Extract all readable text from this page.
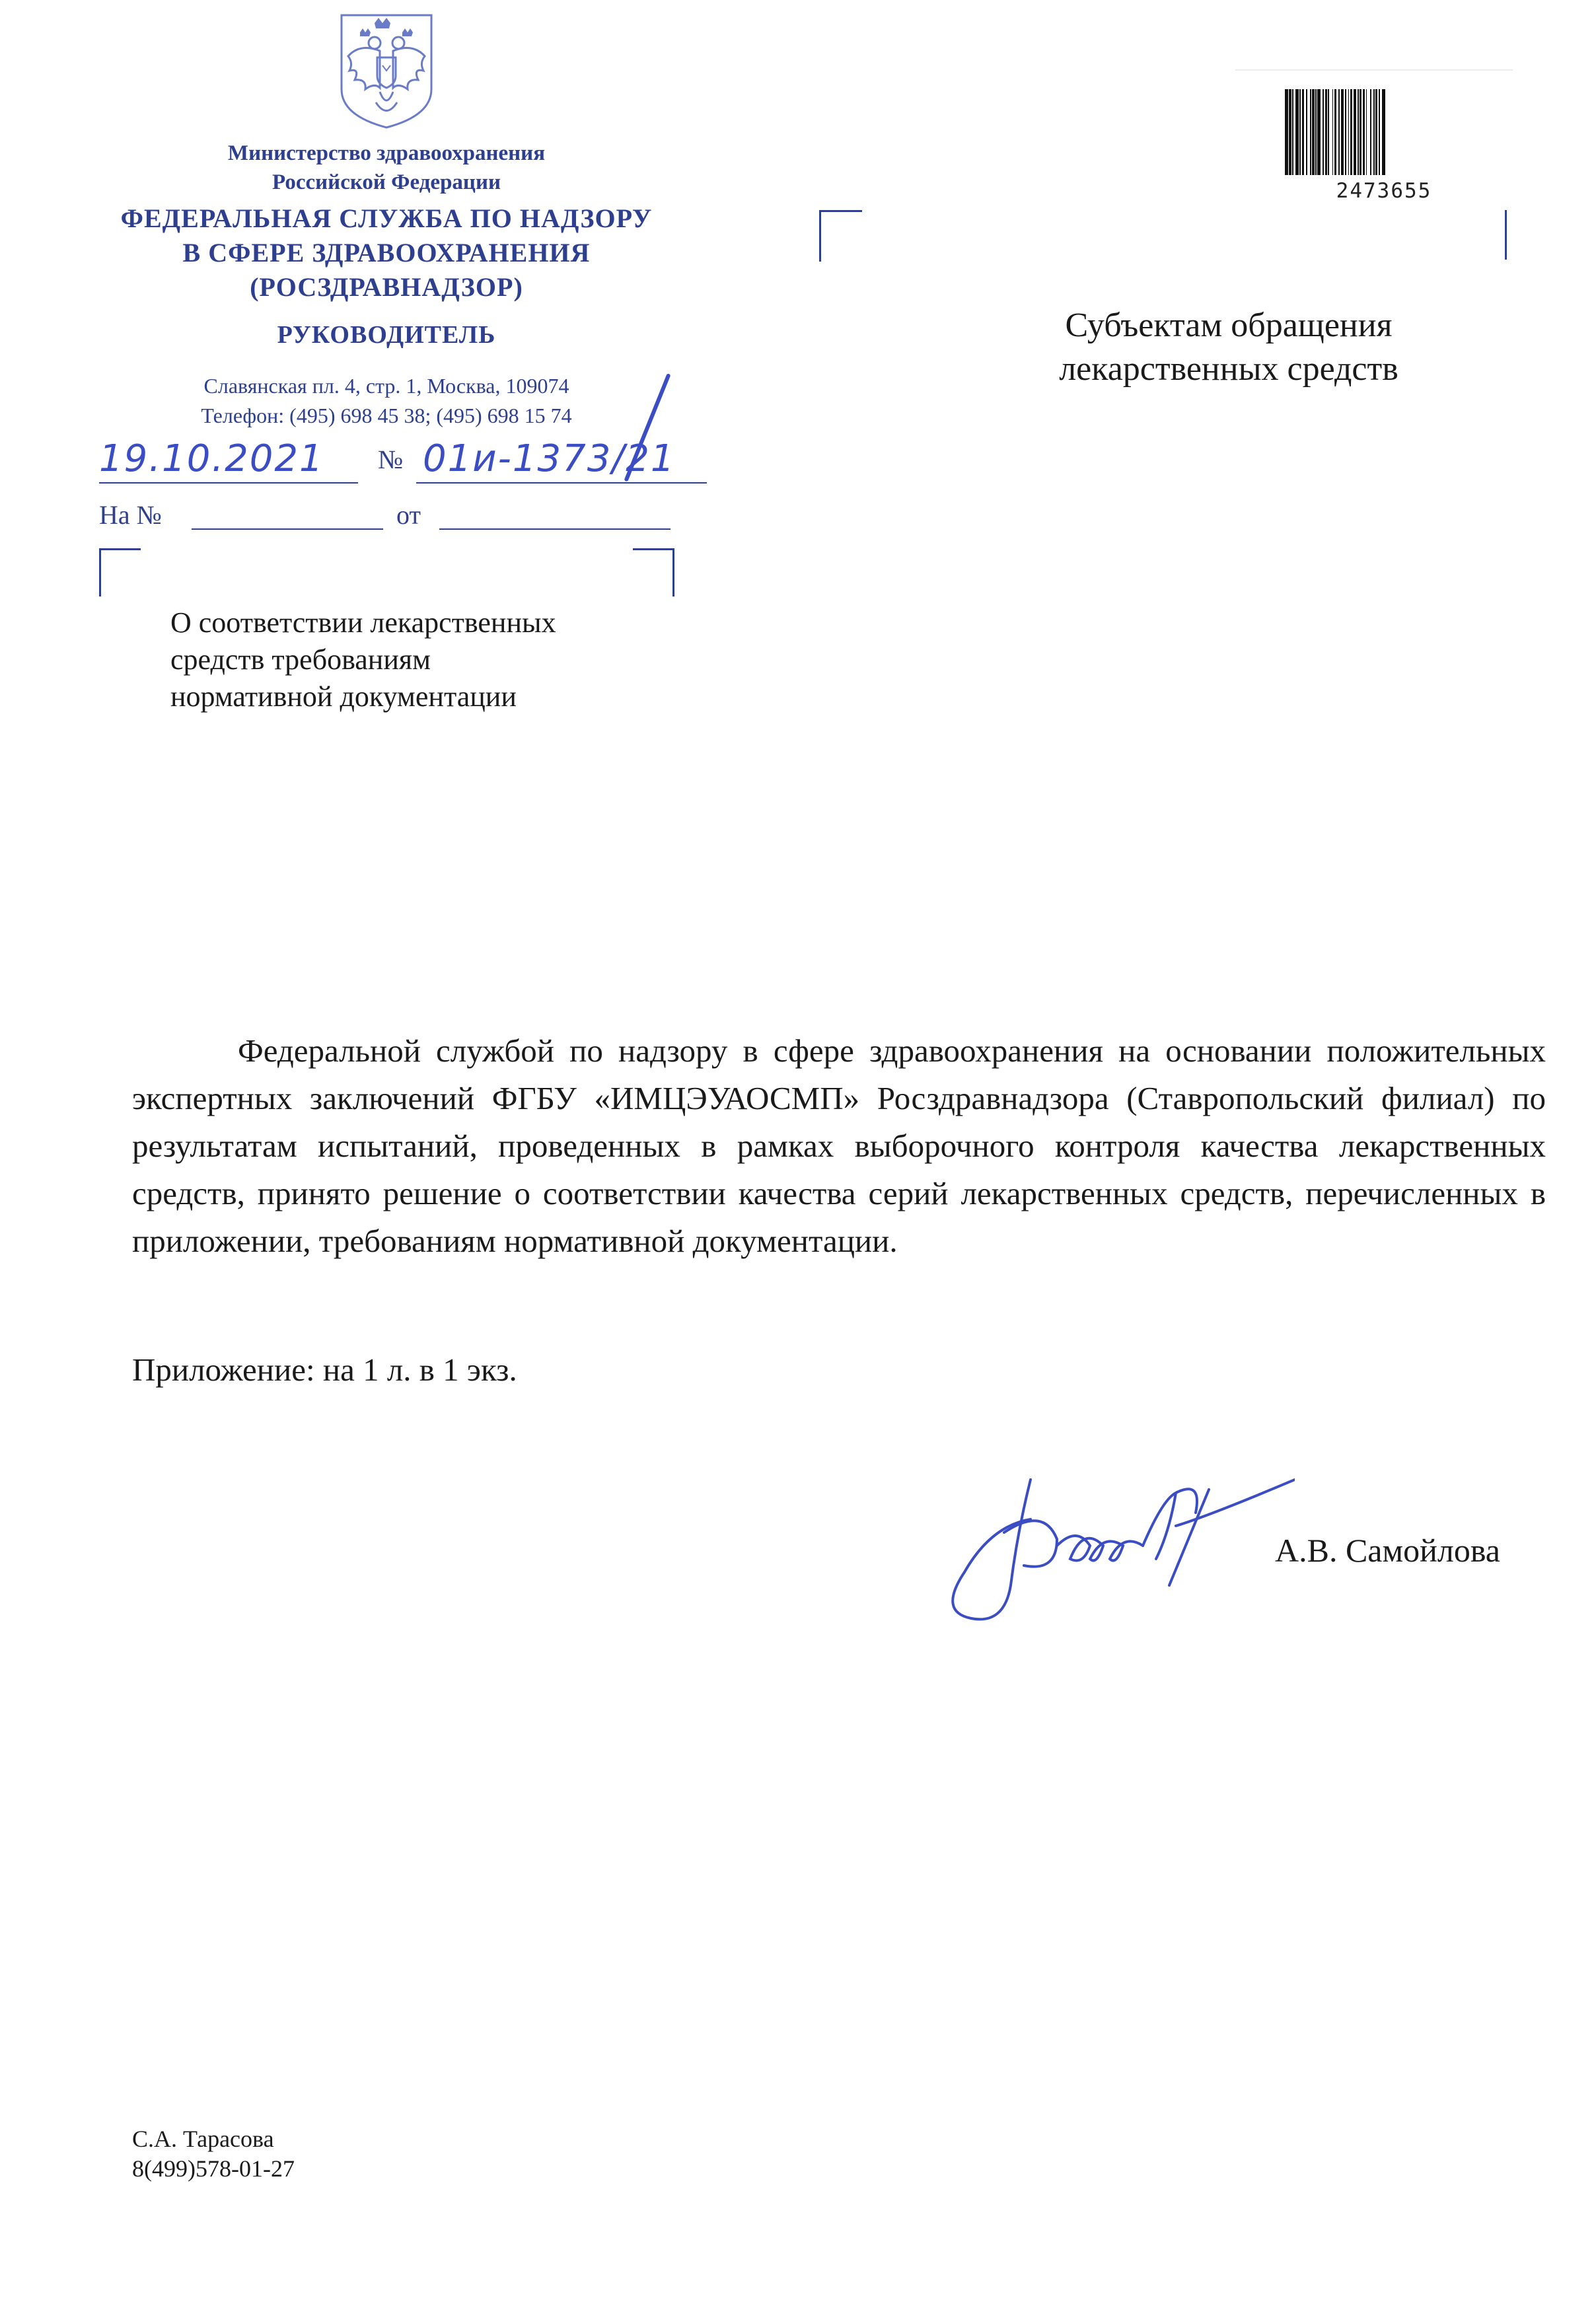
Министерство здравоохранения
Российской Федерации
ФЕДЕРАЛЬНАЯ СЛУЖБА ПО НАДЗОРУ
В СФЕРЕ ЗДРАВООХРАНЕНИЯ
(РОСЗДРАВНАДЗОР)
РУКОВОДИТЕЛЬ
Славянская пл. 4, стр. 1, Москва, 109074
Телефон: (495) 698 45 38; (495) 698 15 74
19.10.2021 № 01и-1373/21
На №	от
О соответствии лекарственных
средств требованиям
нормативной документации
2473655
Субъектам обращения
лекарственных средств
Федеральной службой по надзору в сфере здравоохранения на основании положительных экспертных заключений ФГБУ «ИМЦЭУАОСМП» Росздравнадзора (Ставропольский филиал) по результатам испытаний, проведенных в рамках выборочного контроля качества лекарственных средств, принято решение о соответствии качества серий лекарственных средств, перечисленных в приложении, требованиям нормативной документации.
Приложение: на 1 л. в 1 экз.
А.В. Самойлова
С.А. Тарасова
8(499)578-01-27
